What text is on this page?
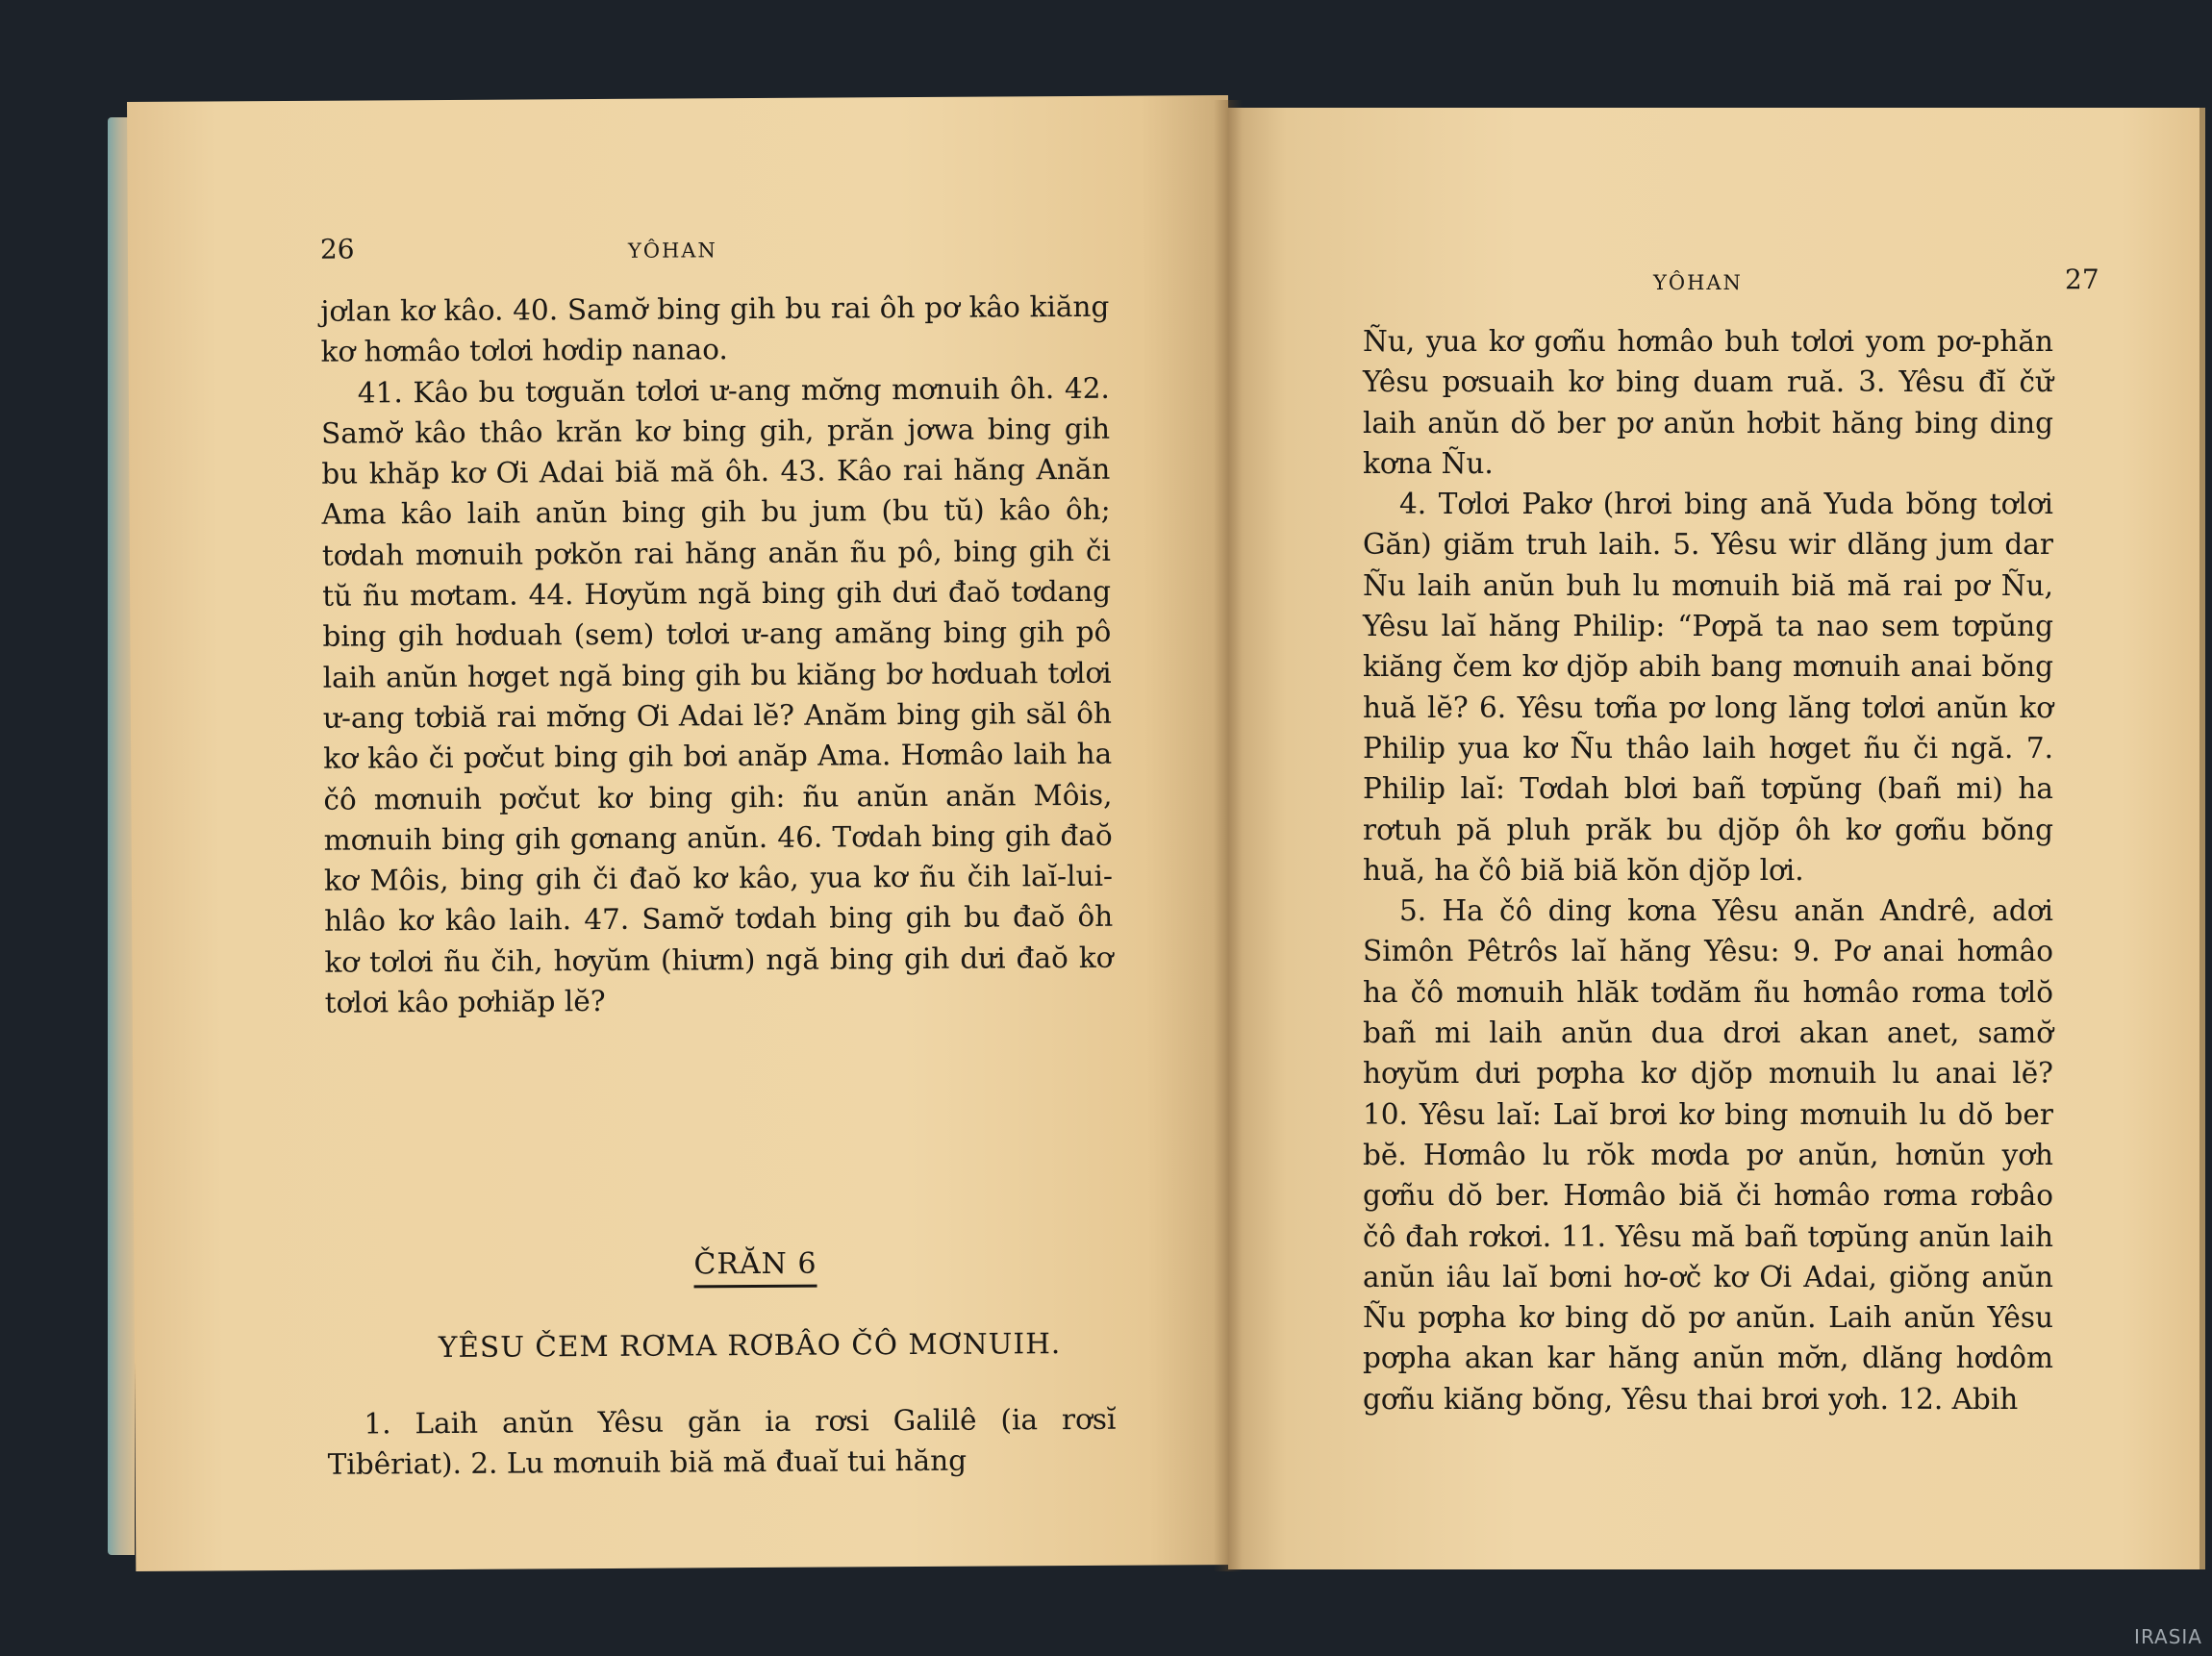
26	YÔHAN

jơlan kơ kâo. 40. Samơ̆ bing gih bu rai ôh pơ kâo kiăng kơ hơmâo tơlơi hơdip nanao.

41. Kâo bu tơguăn tơlơi ư-ang mơ̆ng mơnuih ôh. 42. Samơ̆ kâo thâo krăn kơ bing gih, prăn jơwa bing gih bu khăp kơ Ơi Adai biă mă ôh. 43. Kâo rai hăng Anăn Ama kâo laih anŭn bing gih bu jum (bu tŭ) kâo ôh; tơdah mơnuih pơkŏn rai hăng anăn ñu pô, bing gih či tŭ ñu mơtam. 44. Hơyŭm ngă bing gih dưi đaŏ tơdang bing gih hơduah (sem) tơlơi ư-ang amăng bing gih pô laih anŭn hơget ngă bing gih bu kiăng bơ hơduah tơlơi ư-ang tơbiă rai mơ̆ng Ơi Adai lĕ? Anăm bing gih săl ôh kơ kâo či pơčut bing gih bơi anăp Ama. Hơmâo laih ha čô mơnuih pơčut kơ bing gih: ñu anŭn anăn Môis, mơnuih bing gih gơnang anŭn. 46. Tơdah bing gih đaŏ kơ Môis, bing gih či đaŏ kơ kâo, yua kơ ñu čih laĭ-lui-hlâo kơ kâo laih. 47. Samơ̆ tơdah bing gih bu đaŏ ôh kơ tơlơi ñu čih, hơyŭm (hiưm) ngă bing gih dưi đaŏ kơ tơlơi kâo pơhiăp lĕ?

ČRĂN 6
YÊSU ČEM RƠMA RƠBÂO ČÔ MƠNUIH.

1. Laih anŭn Yêsu găn ia rơsi Galilê (ia rơsĭ Tibêriat). 2. Lu mơnuih biă mă đuaĭ tui hăng

YÔHAN	27

Ñu, yua kơ gơñu hơmâo buh tơlơi yom pơ-phăn Yêsu pơsuaih kơ bing duam ruă. 3. Yêsu đĭ čư̆ laih anŭn dŏ ber pơ anŭn hơbit hăng bing ding kơna Ñu.

4. Tơlơi Pakơ (hrơi bing ană Yuda bŏng tơlơi Găn) giăm truh laih. 5. Yêsu wir dlăng jum dar Ñu laih anŭn buh lu mơnuih biă mă rai pơ Ñu, Yêsu laĭ hăng Philip: “Pơpă ta nao sem tơpŭng kiăng čem kơ djŏp abih bang mơnuih anai bŏng huă lĕ? 6. Yêsu tơña pơ long lăng tơlơi anŭn kơ Philip yua kơ Ñu thâo laih hơget ñu či ngă. 7. Philip laĭ: Tơdah blơi bañ tơpŭng (bañ mi) ha rơtuh pă pluh prăk bu djŏp ôh kơ gơñu bŏng huă, ha čô biă biă kŏn djŏp lơi.

5. Ha čô ding kơna Yêsu anăn Andrê, adơi Simôn Pêtrôs laĭ hăng Yêsu: 9. Pơ anai hơmâo ha čô mơnuih hlăk tơdăm ñu hơmâo rơma tơlŏ bañ mi laih anŭn dua drơi akan anet, samơ̆ hơyŭm dưi pơpha kơ djŏp mơnuih lu anai lĕ? 10. Yêsu laĭ: Laĭ brơi kơ bing mơnuih lu dŏ ber bĕ. Hơmâo lu rŏk mơda pơ anŭn, hơnŭn yơh gơñu dŏ ber. Hơmâo biă či hơmâo rơma rơbâo čô đah rơkơi. 11. Yêsu mă bañ tơpŭng anŭn laih anŭn iâu laĭ bơni hơ-ơč kơ Ơi Adai, giŏng anŭn Ñu pơpha kơ bing dŏ pơ anŭn. Laih anŭn Yêsu pơpha akan kar hăng anŭn mơ̆n, dlăng hơdôm gơñu kiăng bŏng, Yêsu thai brơi yơh. 12. Abih

IRASIA
